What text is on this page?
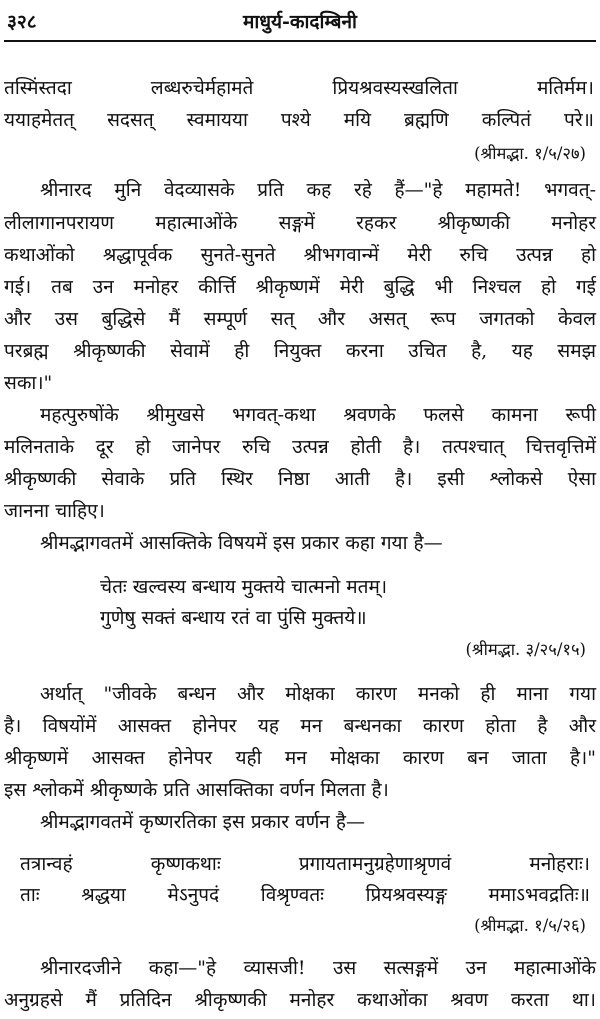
३२८	माधुर्य-कादम्बिनी
तस्मिंस्तदा लब्धरुचेर्महामते प्रियश्रवस्यस्खलिता मतिर्मम।
ययाहमेतत् सदसत् स्वमायया पश्ये मयि ब्रह्मणि कल्पितं परे॥
(श्रीमद्भा. १/५/२७)
श्रीनारद मुनि वेदव्यासके प्रति कह रहे हैं—"हे महामते! भगवत्-
लीलागानपरायण महात्माओंके सङ्गमें रहकर श्रीकृष्णकी मनोहर
कथाओंको श्रद्धापूर्वक सुनते-सुनते श्रीभगवान्में मेरी रुचि उत्पन्न हो
गई। तब उन मनोहर कीर्त्ति श्रीकृष्णमें मेरी बुद्धि भी निश्चल हो गई
और उस बुद्धिसे मैं सम्पूर्ण सत् और असत् रूप जगतको केवल
परब्रह्म श्रीकृष्णकी सेवामें ही नियुक्त करना उचित है, यह समझ
सका।"
महत्पुरुषोंके श्रीमुखसे भगवत्-कथा श्रवणके फलसे कामना रूपी
मलिनताके दूर हो जानेपर रुचि उत्पन्न होती है। तत्पश्चात् चित्तवृत्तिमें
श्रीकृष्णकी सेवाके प्रति स्थिर निष्ठा आती है। इसी श्लोकसे ऐसा
जानना चाहिए।
श्रीमद्भागवतमें आसक्तिके विषयमें इस प्रकार कहा गया है—
चेतः खल्वस्य बन्धाय मुक्तये चात्मनो मतम्।
गुणेषु सक्तं बन्धाय रतं वा पुंसि मुक्तये॥
(श्रीमद्भा. ३/२५/१५)
अर्थात् "जीवके बन्धन और मोक्षका कारण मनको ही माना गया
है। विषयोंमें आसक्त होनेपर यह मन बन्धनका कारण होता है और
श्रीकृष्णमें आसक्त होनेपर यही मन मोक्षका कारण बन जाता है।"
इस श्लोकमें श्रीकृष्णके प्रति आसक्तिका वर्णन मिलता है।
श्रीमद्भागवतमें कृष्णरतिका इस प्रकार वर्णन है—
तत्रान्वहं कृष्णकथाः प्रगायतामनुग्रहेणाश्रृणवं मनोहराः।
ताः श्रद्धया मेऽनुपदं विश्रृण्वतः प्रियश्रवस्यङ्ग ममाऽभवद्रतिः॥
(श्रीमद्भा. १/५/२६)
श्रीनारदजीने कहा—"हे व्यासजी! उस सत्सङ्गमें उन महात्माओंके
अनुग्रहसे मैं प्रतिदिन श्रीकृष्णकी मनोहर कथाओंका श्रवण करता था।
